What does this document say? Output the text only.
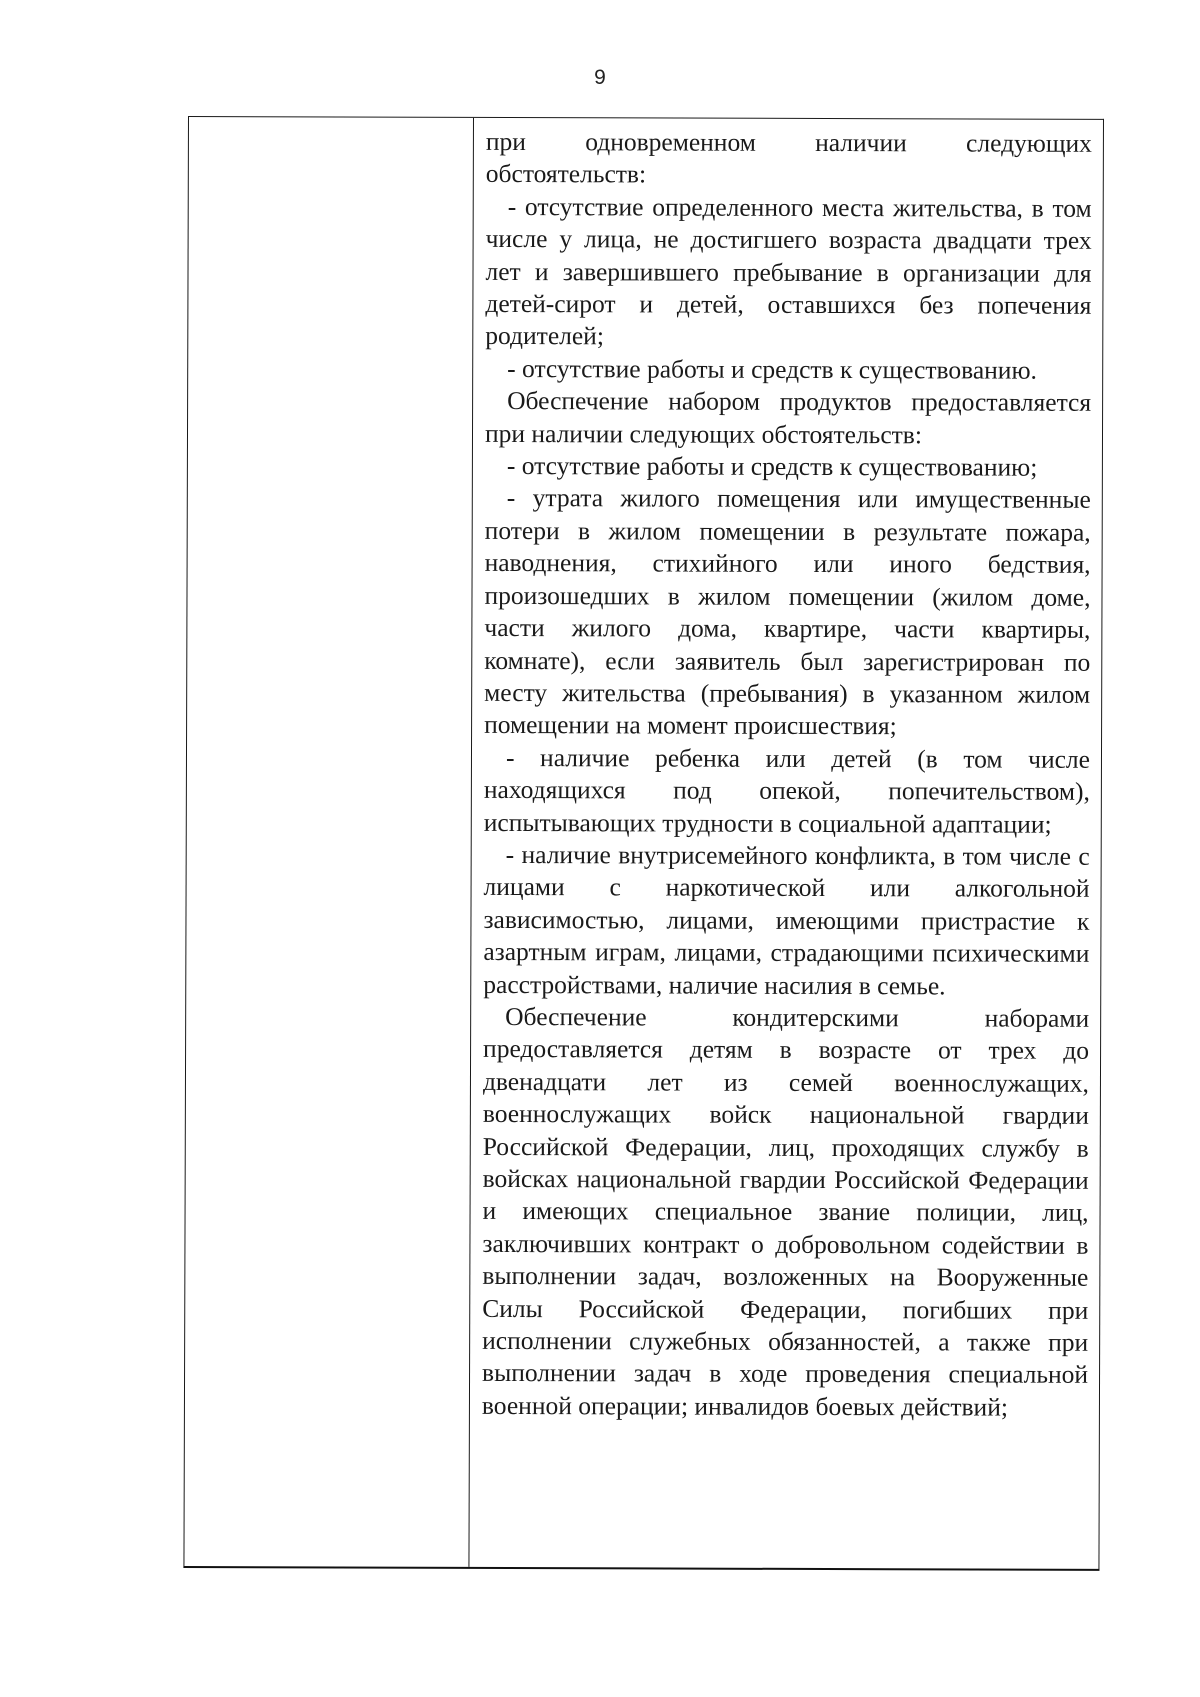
9

при одновременном наличии следующих обстоятельств:

- отсутствие определенного места жительства, в том числе у лица, не достигшего возраста двадцати трех лет и завершившего пребывание в организации для детей-сирот и детей, оставшихся без попечения родителей;

- отсутствие работы и средств к существованию.

Обеспечение набором продуктов предоставляется при наличии следующих обстоятельств:

- отсутствие работы и средств к существованию;

- утрата жилого помещения или имущественные потери в жилом помещении в результате пожара, наводнения, стихийного или иного бедствия, произошедших в жилом помещении (жилом доме, части жилого дома, квартире, части квартиры, комнате), если заявитель был зарегистрирован по месту жительства (пребывания) в указанном жилом помещении на момент происшествия;

- наличие ребенка или детей (в том числе находящихся под опекой, попечительством), испытывающих трудности в социальной адаптации;

- наличие внутрисемейного конфликта, в том числе с лицами с наркотической или алкогольной зависимостью, лицами, имеющими пристрастие к азартным играм, лицами, страдающими психическими расстройствами, наличие насилия в семье.

Обеспечение кондитерскими наборами предоставляется детям в возрасте от трех до двенадцати лет из семей военнослужащих, военнослужащих войск национальной гвардии Российской Федерации, лиц, проходящих службу в войсках национальной гвардии Российской Федерации и имеющих специальное звание полиции, лиц, заключивших контракт о добровольном содействии в выполнении задач, возложенных на Вооруженные Силы Российской Федерации, погибших при исполнении служебных обязанностей, а также при выполнении задач в ходе проведения специальной военной операции; инвалидов боевых действий;
